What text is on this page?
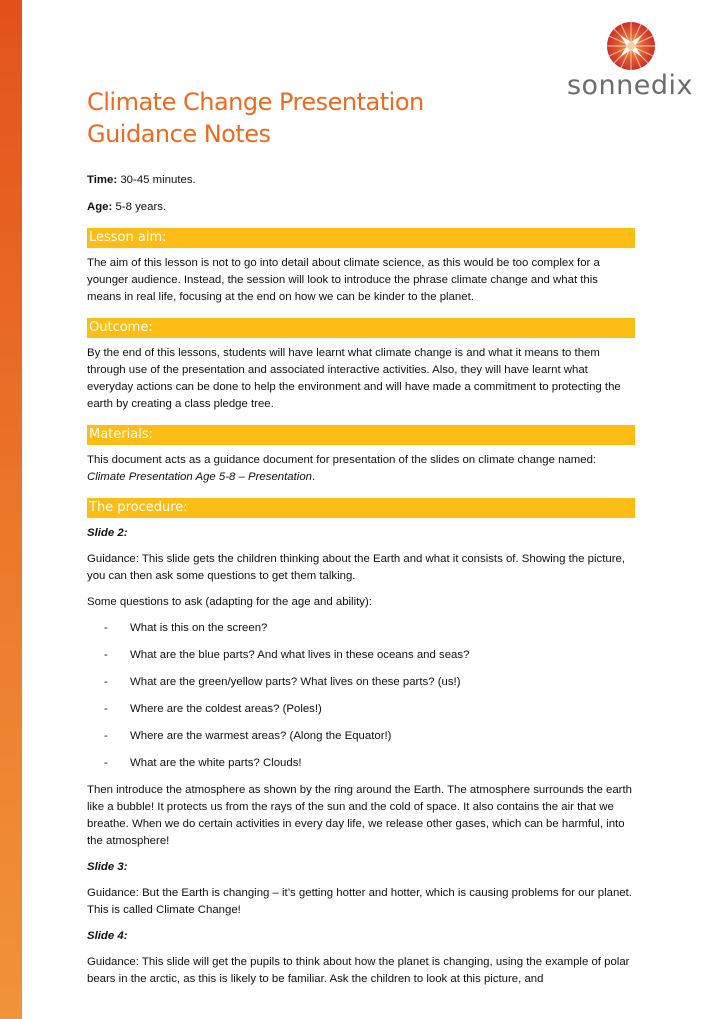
sonnedix
Climate Change Presentation
Guidance Notes

Time: 30-45 minutes.

Age: 5-8 years.

Lesson aim:

The aim of this lesson is not to go into detail about climate science, as this would be too complex for a younger audience. Instead, the session will look to introduce the phrase climate change and what this means in real life, focusing at the end on how we can be kinder to the planet.

Outcome:

By the end of this lessons, students will have learnt what climate change is and what it means to them through use of the presentation and associated interactive activities. Also, they will have learnt what everyday actions can be done to help the environment and will have made a commitment to protecting the earth by creating a class pledge tree.

Materials:

This document acts as a guidance document for presentation of the slides on climate change named: Climate Presentation Age 5-8 – Presentation.

The procedure:

Slide 2:

Guidance: This slide gets the children thinking about the Earth and what it consists of. Showing the picture, you can then ask some questions to get them talking.

Some questions to ask (adapting for the age and ability):

- What is this on the screen?
- What are the blue parts? And what lives in these oceans and seas?
- What are the green/yellow parts? What lives on these parts? (us!)
- Where are the coldest areas? (Poles!)
- Where are the warmest areas? (Along the Equator!)
- What are the white parts? Clouds!

Then introduce the atmosphere as shown by the ring around the Earth. The atmosphere surrounds the earth like a bubble! It protects us from the rays of the sun and the cold of space. It also contains the air that we breathe. When we do certain activities in every day life, we release other gases, which can be harmful, into the atmosphere!

Slide 3:

Guidance: But the Earth is changing – it’s getting hotter and hotter, which is causing problems for our planet. This is called Climate Change!

Slide 4:

Guidance: This slide will get the pupils to think about how the planet is changing, using the example of polar bears in the arctic, as this is likely to be familiar. Ask the children to look at this picture, and
